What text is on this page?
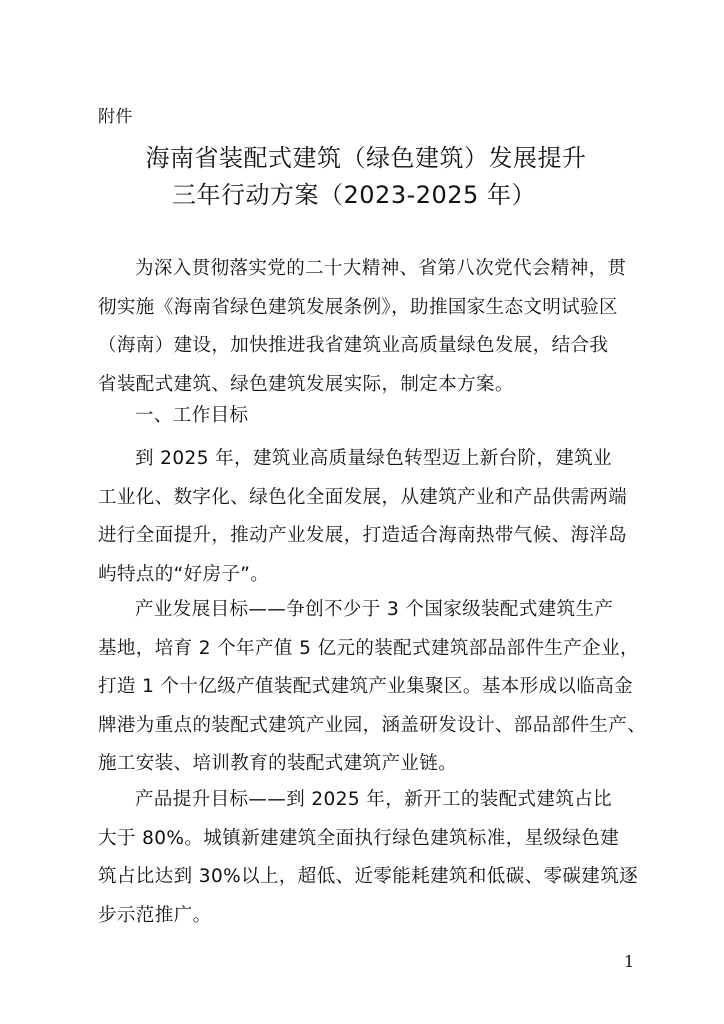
附件
海南省装配式建筑（绿色建筑）发展提升
三年行动方案（2023-2025 年）
为深入贯彻落实党的二十大精神、省第八次党代会精神，贯
彻实施《海南省绿色建筑发展条例》，助推国家生态文明试验区
（海南）建设，加快推进我省建筑业高质量绿色发展，结合我
省装配式建筑、绿色建筑发展实际，制定本方案。
一、工作目标
到 2025 年，建筑业高质量绿色转型迈上新台阶，建筑业
工业化、数字化、绿色化全面发展，从建筑产业和产品供需两端
进行全面提升，推动产业发展，打造适合海南热带气候、海洋岛
屿特点的“好房子”。
产业发展目标——争创不少于 3 个国家级装配式建筑生产
基地，培育 2 个年产值 5 亿元的装配式建筑部品部件生产企业，
打造 1 个十亿级产值装配式建筑产业集聚区。基本形成以临高金
牌港为重点的装配式建筑产业园，涵盖研发设计、部品部件生产、
施工安装、培训教育的装配式建筑产业链。
产品提升目标——到 2025 年，新开工的装配式建筑占比
大于 80%。城镇新建建筑全面执行绿色建筑标准，星级绿色建
筑占比达到 30%以上，超低、近零能耗建筑和低碳、零碳建筑逐
步示范推广。
1
